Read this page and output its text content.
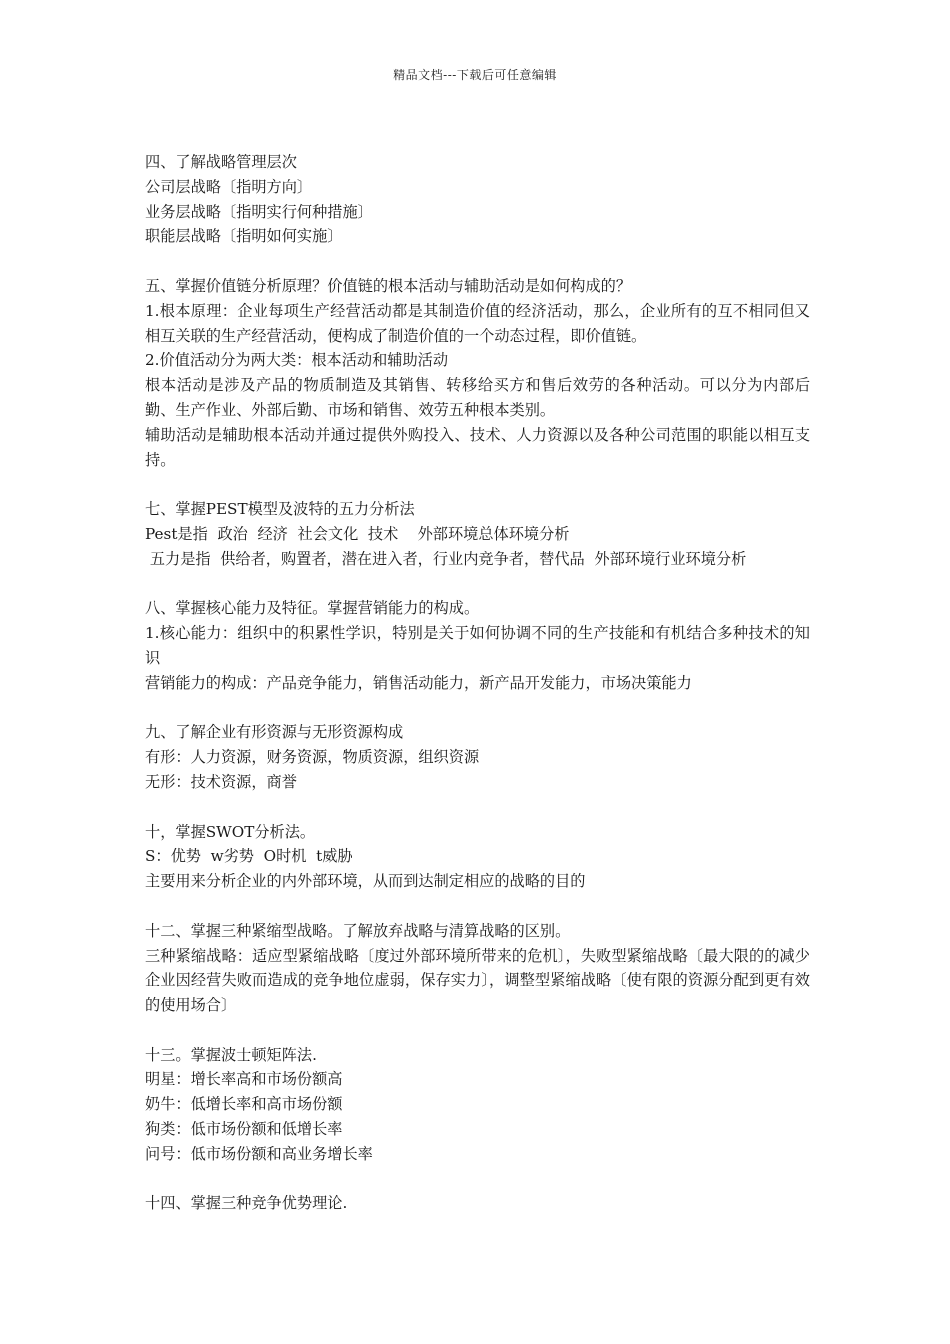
精品文档---下载后可任意编辑

四、了解战略管理层次

公司层战略〔指明方向〕

业务层战略〔指明实行何种措施〕

职能层战略〔指明如何实施〕

五、掌握价值链分析原理？价值链的根本活动与辅助活动是如何构成的？

1.根本原理：企业每项生产经营活动都是其制造价值的经济活动，那么，企业所有的互不相同但又相互关联的生产经营活动，便构成了制造价值的一个动态过程，即价值链。

2.价值活动分为两大类：根本活动和辅助活动

根本活动是涉及产品的物质制造及其销售、转移给买方和售后效劳的各种活动。可以分为内部后勤、生产作业、外部后勤、市场和销售、效劳五种根本类别。

辅助活动是辅助根本活动并通过提供外购投入、技术、人力资源以及各种公司范围的职能以相互支持。

七、掌握PEST模型及波特的五力分析法

Pest是指  政治  经济  社会文化  技术    外部环境总体环境分析

五力是指  供给者，购置者，潜在进入者，行业内竞争者，替代品  外部环境行业环境分析

八、掌握核心能力及特征。掌握营销能力的构成。

1.核心能力：组织中的积累性学识，特别是关于如何协调不同的生产技能和有机结合多种技术的知识

营销能力的构成：产品竞争能力，销售活动能力，新产品开发能力，市场决策能力

九、了解企业有形资源与无形资源构成

有形：人力资源，财务资源，物质资源，组织资源

无形：技术资源，商誉

十，掌握SWOT分析法。

S：优势  w劣势  O时机  t威胁

主要用来分析企业的内外部环境，从而到达制定相应的战略的目的

十二、掌握三种紧缩型战略。了解放弃战略与清算战略的区别。

三种紧缩战略：适应型紧缩战略〔度过外部环境所带来的危机〕，失败型紧缩战略〔最大限的的减少企业因经营失败而造成的竞争地位虚弱，保存实力〕，调整型紧缩战略〔使有限的资源分配到更有效的使用场合〕

十三。掌握波士顿矩阵法.

明星：增长率高和市场份额高

奶牛：低增长率和高市场份额

狗类：低市场份额和低增长率

问号：低市场份额和高业务增长率

十四、掌握三种竞争优势理论.
